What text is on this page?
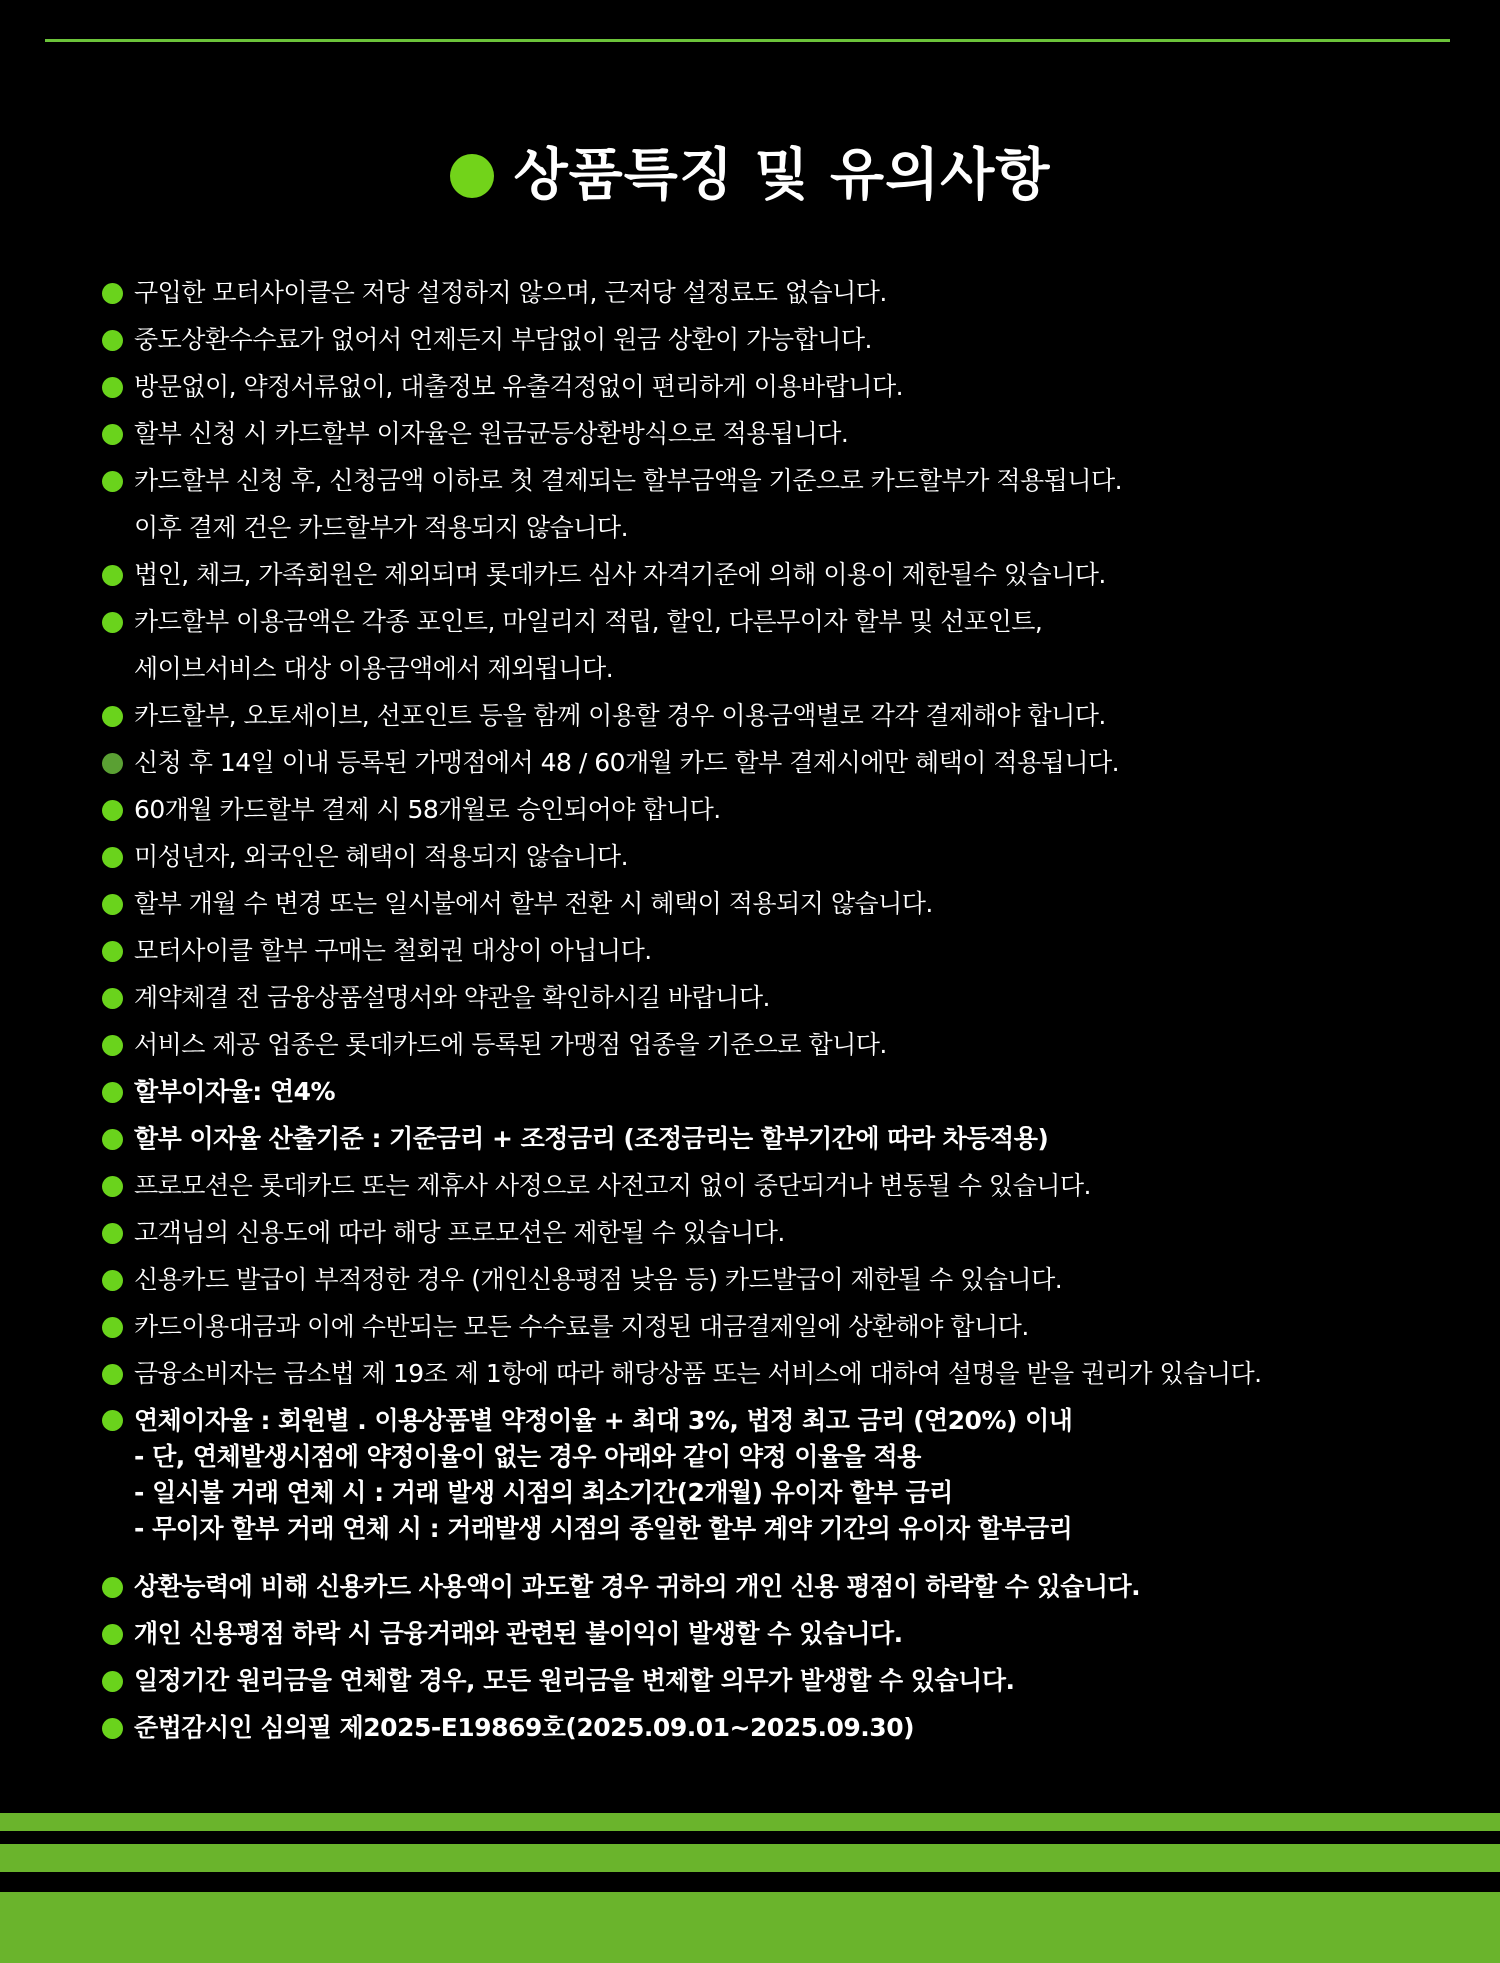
상품특징 및 유의사항
구입한 모터사이클은 저당 설정하지 않으며, 근저당 설정료도 없습니다.
중도상환수수료가 없어서 언제든지 부담없이 원금 상환이 가능합니다.
방문없이, 약정서류없이, 대출정보 유출걱정없이 편리하게 이용바랍니다.
할부 신청 시 카드할부 이자율은 원금균등상환방식으로 적용됩니다.
카드할부 신청 후, 신청금액 이하로 첫 결제되는 할부금액을 기준으로 카드할부가 적용됩니다.
이후 결제 건은 카드할부가 적용되지 않습니다.
법인, 체크, 가족회원은 제외되며 롯데카드 심사 자격기준에 의해 이용이 제한될수 있습니다.
카드할부 이용금액은 각종 포인트, 마일리지 적립, 할인, 다른무이자 할부 및 선포인트,
세이브서비스 대상 이용금액에서 제외됩니다.
카드할부, 오토세이브, 선포인트 등을 함께 이용할 경우 이용금액별로 각각 결제해야 합니다.
신청 후 14일 이내 등록된 가맹점에서 48 / 60개월 카드 할부 결제시에만 혜택이 적용됩니다.
60개월 카드할부 결제 시 58개월로 승인되어야 합니다.
미성년자, 외국인은 혜택이 적용되지 않습니다.
할부 개월 수 변경 또는 일시불에서 할부 전환 시 혜택이 적용되지 않습니다.
모터사이클 할부 구매는 철회권 대상이 아닙니다.
계약체결 전 금융상품설명서와 약관을 확인하시길 바랍니다.
서비스 제공 업종은 롯데카드에 등록된 가맹점 업종을 기준으로 합니다.
할부이자율: 연4%
할부 이자율 산출기준 : 기준금리 + 조정금리 (조정금리는 할부기간에 따라 차등적용)
프로모션은 롯데카드 또는 제휴사 사정으로 사전고지 없이 중단되거나 변동될 수 있습니다.
고객님의 신용도에 따라 해당 프로모션은 제한될 수 있습니다.
신용카드 발급이 부적정한 경우 (개인신용평점 낮음 등) 카드발급이 제한될 수 있습니다.
카드이용대금과 이에 수반되는 모든 수수료를 지정된 대금결제일에 상환해야 합니다.
금융소비자는 금소법 제 19조 제 1항에 따라 해당상품 또는 서비스에 대하여 설명을 받을 권리가 있습니다.
연체이자율 : 회원별 . 이용상품별 약정이율 + 최대 3%, 법정 최고 금리 (연20%) 이내
- 단, 연체발생시점에 약정이율이 없는 경우 아래와 같이 약정 이율을 적용
- 일시불 거래 연체 시 : 거래 발생 시점의 최소기간(2개월) 유이자 할부 금리
- 무이자 할부 거래 연체 시 : 거래발생 시점의 종일한 할부 계약 기간의 유이자 할부금리
상환능력에 비해 신용카드 사용액이 과도할 경우 귀하의 개인 신용 평점이 하락할 수 있습니다.
개인 신용평점 하락 시 금융거래와 관련된 불이익이 발생할 수 있습니다.
일정기간 원리금을 연체할 경우, 모든 원리금을 변제할 의무가 발생할 수 있습니다.
준법감시인 심의필 제2025-E19869호(2025.09.01~2025.09.30)
